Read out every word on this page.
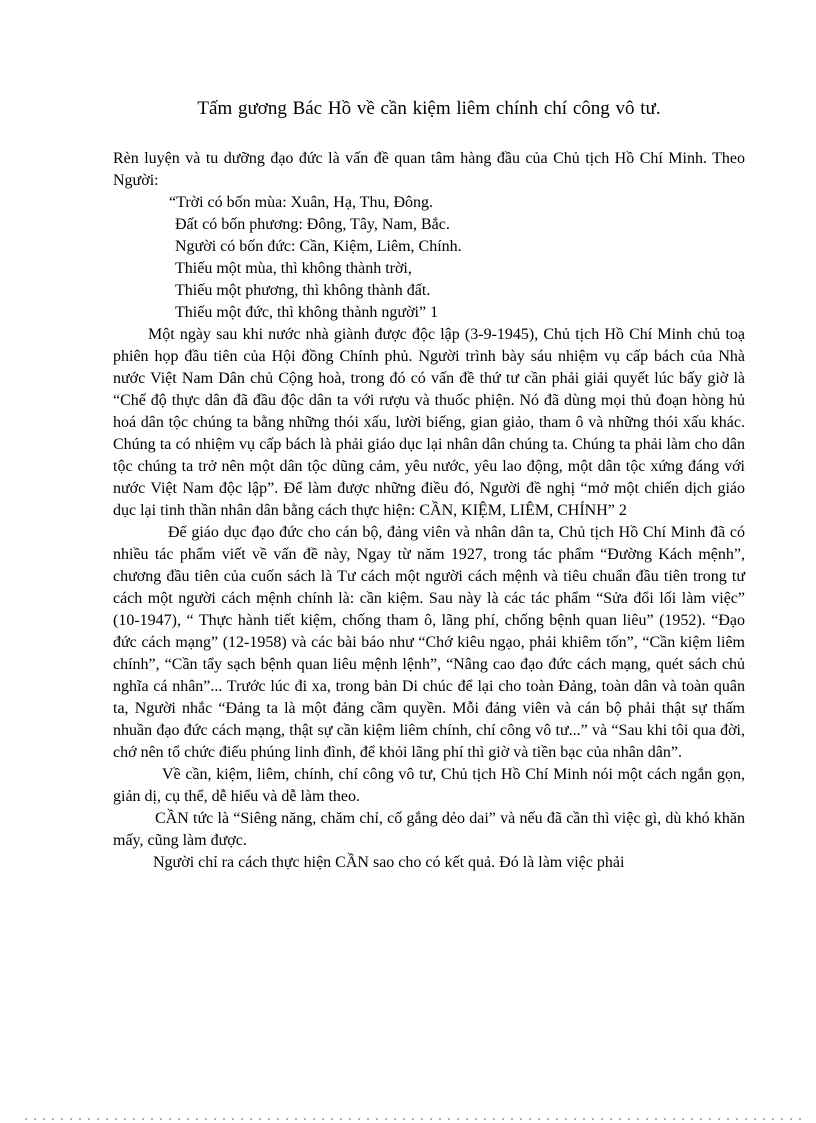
Tấm gương Bác Hồ về cần kiệm liêm chính chí công vô tư.

Rèn luyện và tu dưỡng đạo đức là vấn đề quan tâm hàng đầu của Chủ tịch Hồ Chí Minh. Theo Người:

“Trời có bốn mùa: Xuân, Hạ, Thu, Đông.
Đất có bốn phương: Đông, Tây, Nam, Bắc.
Người có bốn đức: Cần, Kiệm, Liêm, Chính.
Thiếu một mùa, thì không thành trời,
Thiếu một phương, thì không thành đất.
Thiếu một đức, thì không thành người” 1

Một ngày sau khi nước nhà giành được độc lập (3-9-1945), Chủ tịch Hồ Chí Minh chủ toạ phiên họp đầu tiên của Hội đồng Chính phủ. Người trình bày sáu nhiệm vụ cấp bách của Nhà nước Việt Nam Dân chủ Cộng hoà, trong đó có vấn đề thứ tư cần phải giải quyết lúc bấy giờ là “Chế độ thực dân đã đầu độc dân ta với rượu và thuốc phiện. Nó đã dùng mọi thủ đoạn hòng hủ hoá dân tộc chúng ta bằng những thói xấu, lười biếng, gian giảo, tham ô và những thói xấu khác. Chúng ta có nhiệm vụ cấp bách là phải giáo dục lại nhân dân chúng ta. Chúng ta phải làm cho dân tộc chúng ta trở nên một dân tộc dũng cảm, yêu nước, yêu lao động, một dân tộc xứng đáng với nước Việt Nam độc lập”. Để làm được những điều đó, Người đề nghị “mở một chiến dịch giáo dục lại tinh thần nhân dân bằng cách thực hiện: CẦN, KIỆM, LIÊM, CHÍNH” 2

Để giáo dục đạo đức cho cán bộ, đảng viên và nhân dân ta, Chủ tịch Hồ Chí Minh đã có nhiều tác phẩm viết về vấn đề này, Ngay từ năm 1927, trong tác phẩm “Đường Kách mệnh”, chương đầu tiên của cuốn sách là Tư cách một người cách mệnh và tiêu chuẩn đầu tiên trong tư cách một người cách mệnh chính là: cần kiệm. Sau này là các tác phẩm “Sửa đổi lối làm việc” (10-1947), “ Thực hành tiết kiệm, chống tham ô, lãng phí, chống bệnh quan liêu” (1952). “Đạo đức cách mạng” (12-1958) và các bài báo như “Chớ kiêu ngạo, phải khiêm tốn”, “Cần kiệm liêm chính”, “Cần tẩy sạch bệnh quan liêu mệnh lệnh”, “Nâng cao đạo đức cách mạng, quét sách chủ nghĩa cá nhân”... Trước lúc đi xa, trong bản Di chúc để lại cho toàn Đảng, toàn dân và toàn quân ta, Người nhắc “Đảng ta là một đảng cầm quyền. Mỗi đảng viên và cán bộ phải thật sự thấm nhuần đạo đức cách mạng, thật sự cần kiệm liêm chính, chí công vô tư...” và “Sau khi tôi qua đời, chớ nên tổ chức điếu phúng linh đình, để khỏi lãng phí thì giờ và tiền bạc của nhân dân”.

Về cần, kiệm, liêm, chính, chí công vô tư, Chủ tịch Hồ Chí Minh nói một cách ngắn gọn, giản dị, cụ thể, dễ hiểu và dễ làm theo.

CẦN tức là “Siêng năng, chăm chỉ, cố gắng dẻo dai” và nếu đã cần thì việc gì, dù khó khăn mấy, cũng làm được.

Người chỉ ra cách thực hiện CẦN sao cho có kết quả. Đó là làm việc phải
